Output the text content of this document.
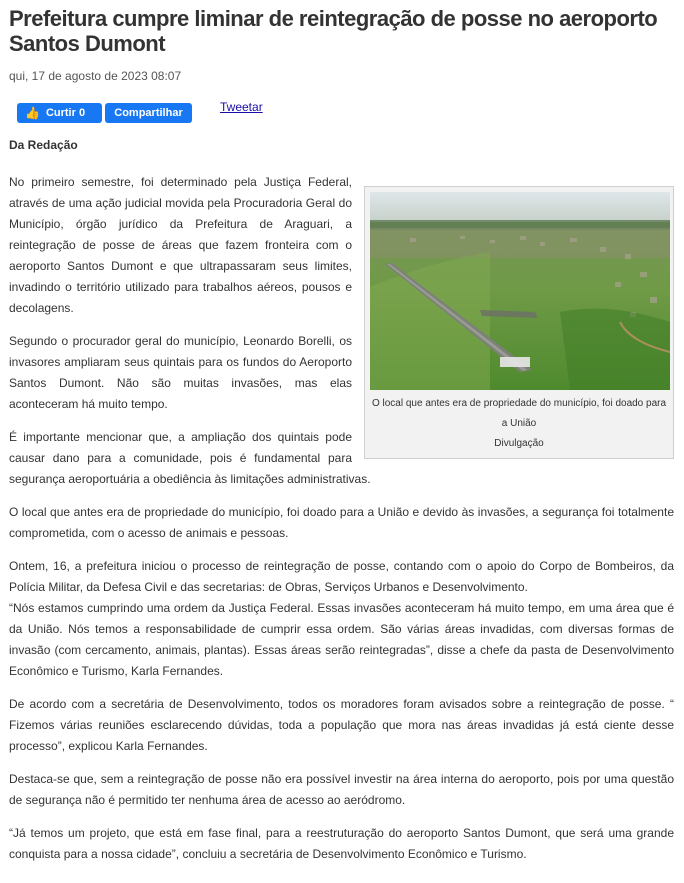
Prefeitura cumpre liminar de reintegração de posse no aeroporto Santos Dumont
qui, 17 de agosto de 2023 08:07
👍 Curtir 0	Compartilhar	Tweetar
Da Redação
O local que antes era de propriedade do município, foi doado para a União
Divulgação

No primeiro semestre, foi determinado pela Justiça Federal, através de uma ação judicial movida pela Procuradoria Geral do Município, órgão jurídico da Prefeitura de Araguari, a reintegração de posse de áreas que fazem fronteira com o aeroporto Santos Dumont e que ultrapassaram seus limites, invadindo o território utilizado para trabalhos aéreos, pousos e decolagens.

Segundo o procurador geral do município, Leonardo Borelli, os invasores ampliaram seus quintais para os fundos do Aeroporto Santos Dumont. Não são muitas invasões, mas elas aconteceram há muito tempo.

É importante mencionar que, a ampliação dos quintais pode causar dano para a comunidade, pois é fundamental para segurança aeroportuária a obediência às limitações administrativas.

O local que antes era de propriedade do município, foi doado para a União e devido às invasões, a segurança foi totalmente comprometida, com o acesso de animais e pessoas.

Ontem, 16, a prefeitura iniciou o processo de reintegração de posse, contando com o apoio do Corpo de Bombeiros, da Polícia Militar, da Defesa Civil e das secretarias: de Obras, Serviços Urbanos e Desenvolvimento.

“Nós estamos cumprindo uma ordem da Justiça Federal. Essas invasões aconteceram há muito tempo, em uma área que é da União. Nós temos a responsabilidade de cumprir essa ordem. São várias áreas invadidas, com diversas formas de invasão (com cercamento, animais, plantas). Essas áreas serão reintegradas”, disse a chefe da pasta de Desenvolvimento Econômico e Turismo, Karla Fernandes.

De acordo com a secretária de Desenvolvimento, todos os moradores foram avisados sobre a reintegração de posse. “ Fizemos várias reuniões esclarecendo dúvidas, toda a população que mora nas áreas invadidas já está ciente desse processo”, explicou Karla Fernandes.

Destaca-se que, sem a reintegração de posse não era possível investir na área interna do aeroporto, pois por uma questão de segurança não é permitido ter nenhuma área de acesso ao aeródromo.

“Já temos um projeto, que está em fase final, para a reestruturação do aeroporto Santos Dumont, que será uma grande conquista para a nossa cidade”, concluiu a secretária de Desenvolvimento Econômico e Turismo.
